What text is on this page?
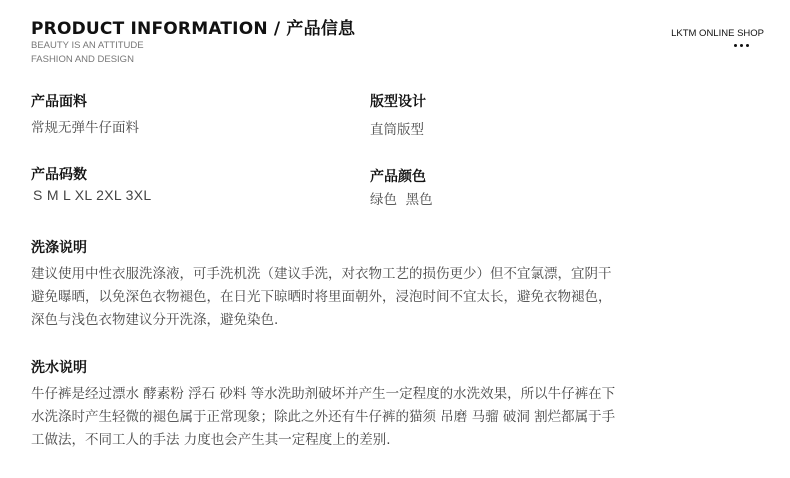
PRODUCT INFORMATION / 产品信息
BEAUTY IS AN ATTITUDE
FASHION AND DESIGN
LKTM ONLINE SHOP
产品面料
常规无弹牛仔面料
版型设计
直筒版型
产品码数
S M L XL 2XL 3XL
产品颜色
绿色  黑色
洗涤说明
建议使用中性衣服洗涤液，可手洗机洗（建议手洗，对衣物工艺的损伤更少）但不宜氯漂，宜阴干
避免曝晒，以免深色衣物褪色，在日光下晾晒时将里面朝外，浸泡时间不宜太长，避免衣物褪色，
深色与浅色衣物建议分开洗涤，避免染色.
洗水说明
牛仔裤是经过漂水 酵素粉 浮石 砂料 等水洗助剂破坏并产生一定程度的水洗效果，所以牛仔裤在下
水洗涤时产生轻微的褪色属于正常现象；除此之外还有牛仔裤的猫须 吊磨 马骝 破洞 割烂都属于手
工做法，不同工人的手法 力度也会产生其一定程度上的差别.
